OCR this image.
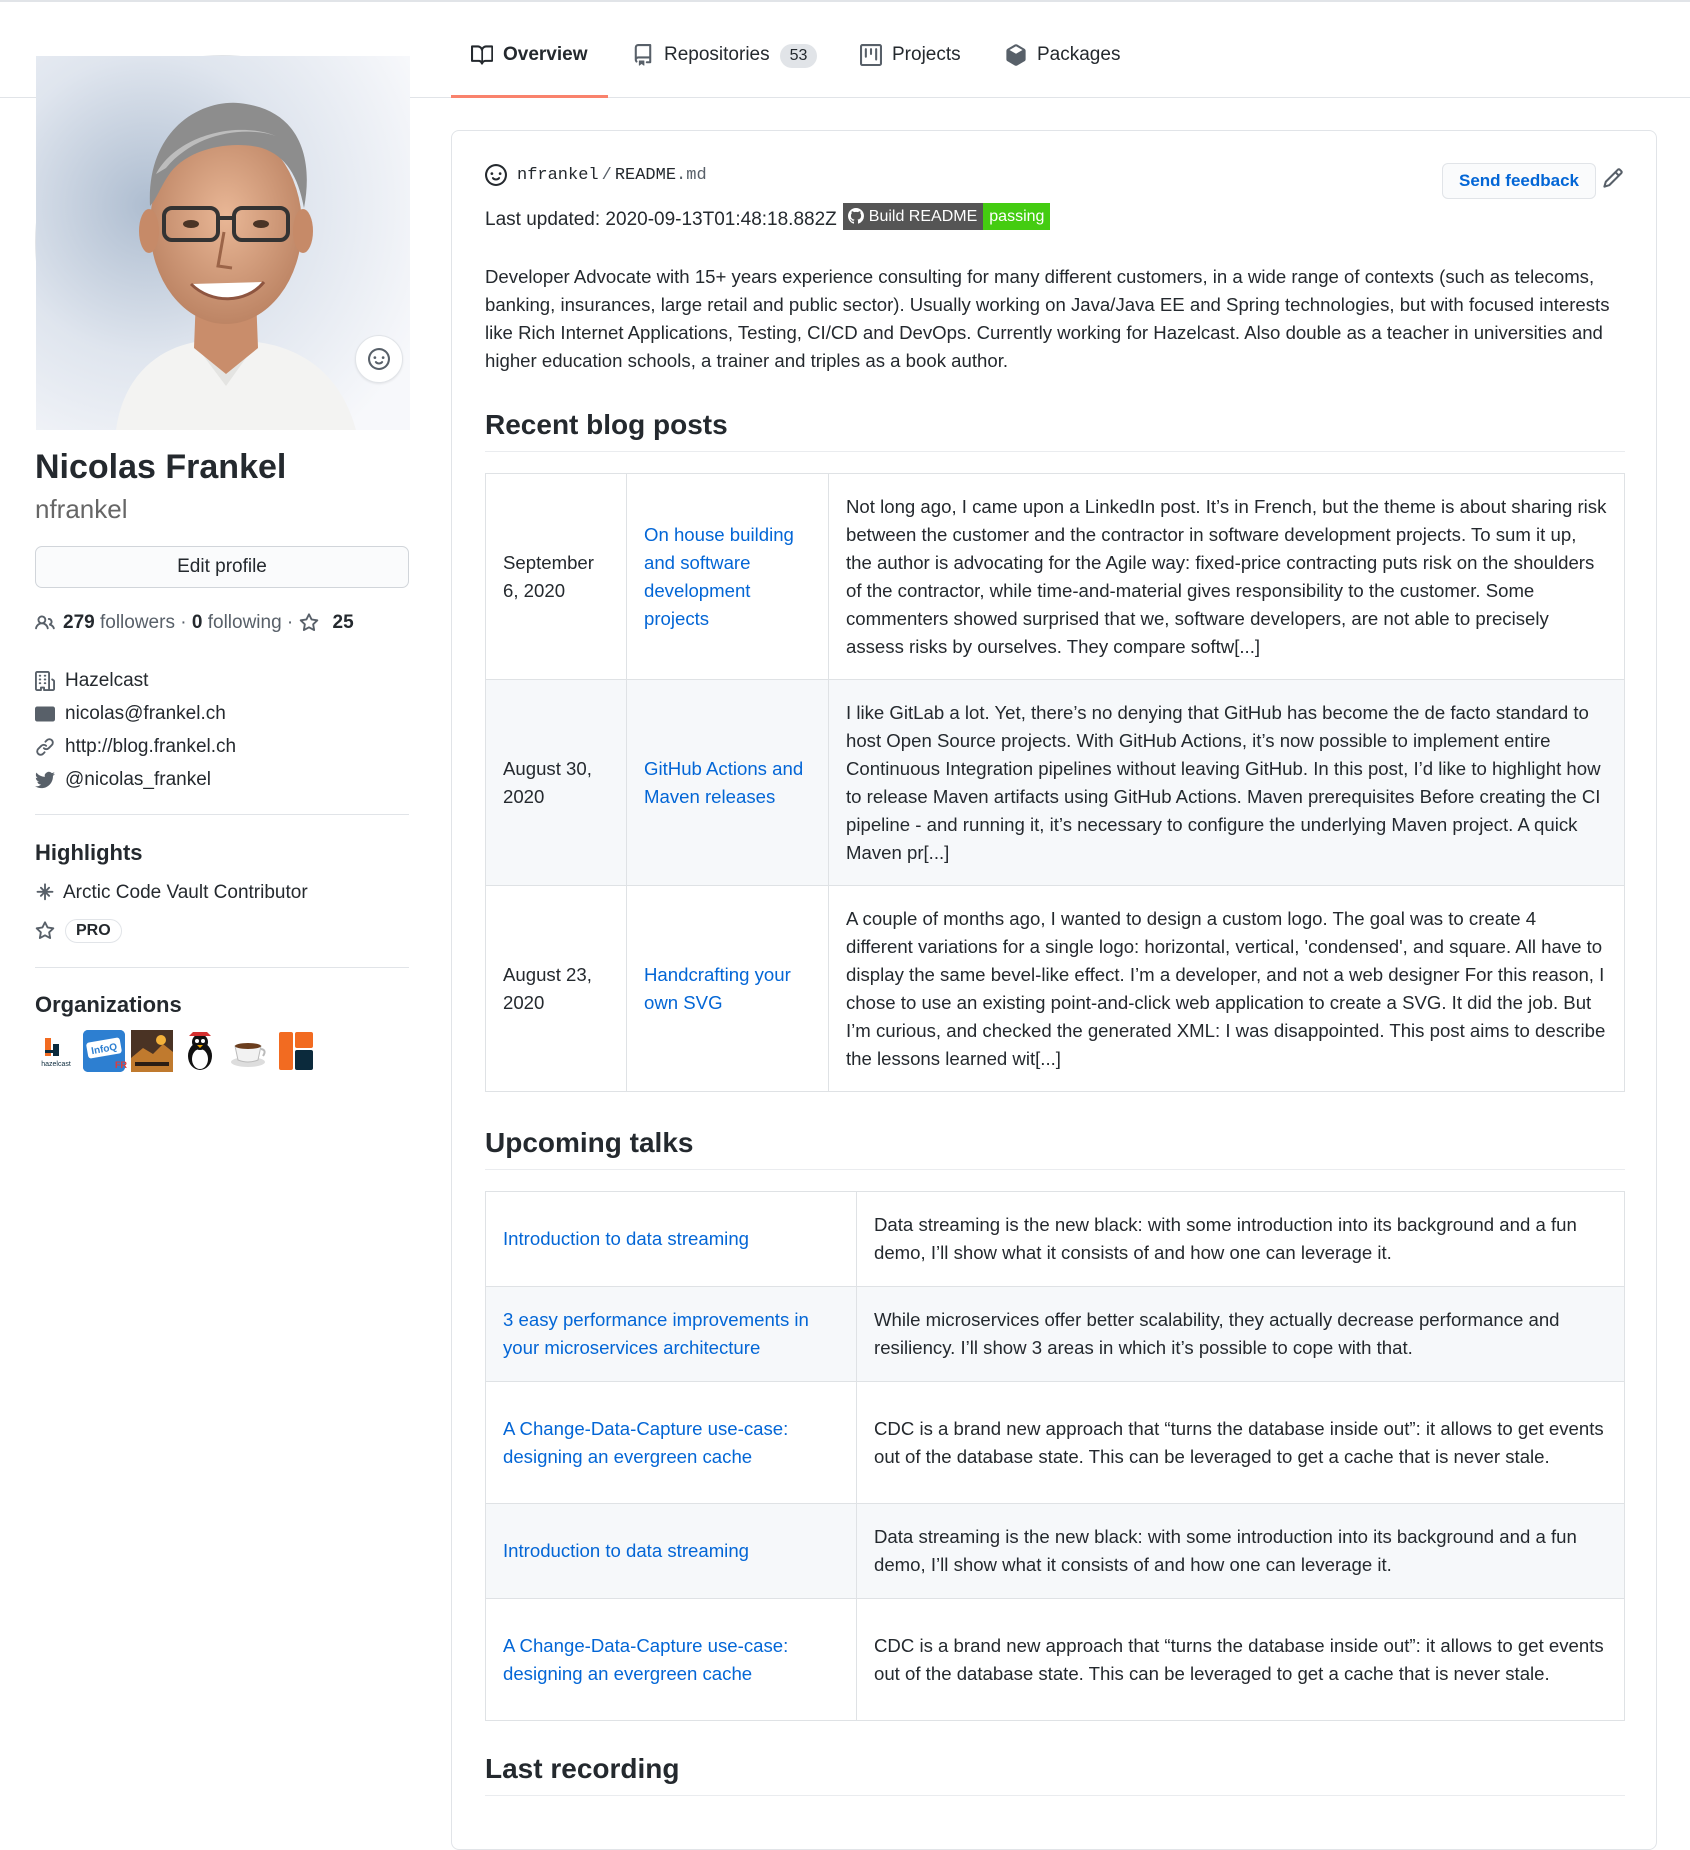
Overview	Repositories	53	Projects	Packages
Nicolas Frankel
nfrankel
Edit profile
279 followers · 0 following · 25
Hazelcast
nicolas@frankel.ch
http://blog.frankel.ch
@nicolas_frankel
Highlights
Arctic Code Vault Contributor
PRO
Organizations
hazelcast
InfoQ
FR
nfrankel / README .md	Send feedback
Last updated: 2020-09-13T01:48:18.882Z Build README passing
Developer Advocate with 15+ years experience consulting for many different customers, in a wide range of contexts (such as telecoms, banking, insurances, large retail and public sector). Usually working on Java/Java EE and Spring technologies, but with focused interests like Rich Internet Applications, Testing, CI/CD and DevOps. Currently working for Hazelcast. Also double as a teacher in universities and higher education schools, a trainer and triples as a book author.
Recent blog posts
September 6, 2020	On house building and software development projects	Not long ago, I came upon a LinkedIn post. It’s in French, but the theme is about sharing risk between the customer and the contractor in software development projects. To sum it up, the author is advocating for the Agile way: fixed-price contracting puts risk on the shoulders of the contractor, while time-and-material gives responsibility to the customer. Some commenters showed surprised that we, software developers, are not able to precisely assess risks by ourselves. They compare softw[...]
August 30, 2020	GitHub Actions and Maven releases	I like GitLab a lot. Yet, there’s no denying that GitHub has become the de facto standard to host Open Source projects. With GitHub Actions, it’s now possible to implement entire Continuous Integration pipelines without leaving GitHub. In this post, I’d like to highlight how to release Maven artifacts using GitHub Actions. Maven prerequisites Before creating the CI pipeline - and running it, it’s necessary to configure the underlying Maven project. A quick Maven pr[...]
August 23, 2020	Handcrafting your own SVG	A couple of months ago, I wanted to design a custom logo. The goal was to create 4 different variations for a single logo: horizontal, vertical, 'condensed', and square. All have to display the same bevel-like effect. I’m a developer, and not a web designer For this reason, I chose to use an existing point-and-click web application to create a SVG. It did the job. But I’m curious, and checked the generated XML: I was disappointed. This post aims to describe the lessons learned wit[...]
Upcoming talks
Introduction to data streaming	Data streaming is the new black: with some introduction into its background and a fun demo, I’ll show what it consists of and how one can leverage it.
3 easy performance improvements in your microservices architecture	While microservices offer better scalability, they actually decrease performance and resiliency. I’ll show 3 areas in which it’s possible to cope with that.
A Change-Data-Capture use-case: designing an evergreen cache	CDC is a brand new approach that “turns the database inside out”: it allows to get events out of the database state. This can be leveraged to get a cache that is never stale.
Introduction to data streaming	Data streaming is the new black: with some introduction into its background and a fun demo, I’ll show what it consists of and how one can leverage it.
A Change-Data-Capture use-case: designing an evergreen cache	CDC is a brand new approach that “turns the database inside out”: it allows to get events out of the database state. This can be leveraged to get a cache that is never stale.
Last recording
